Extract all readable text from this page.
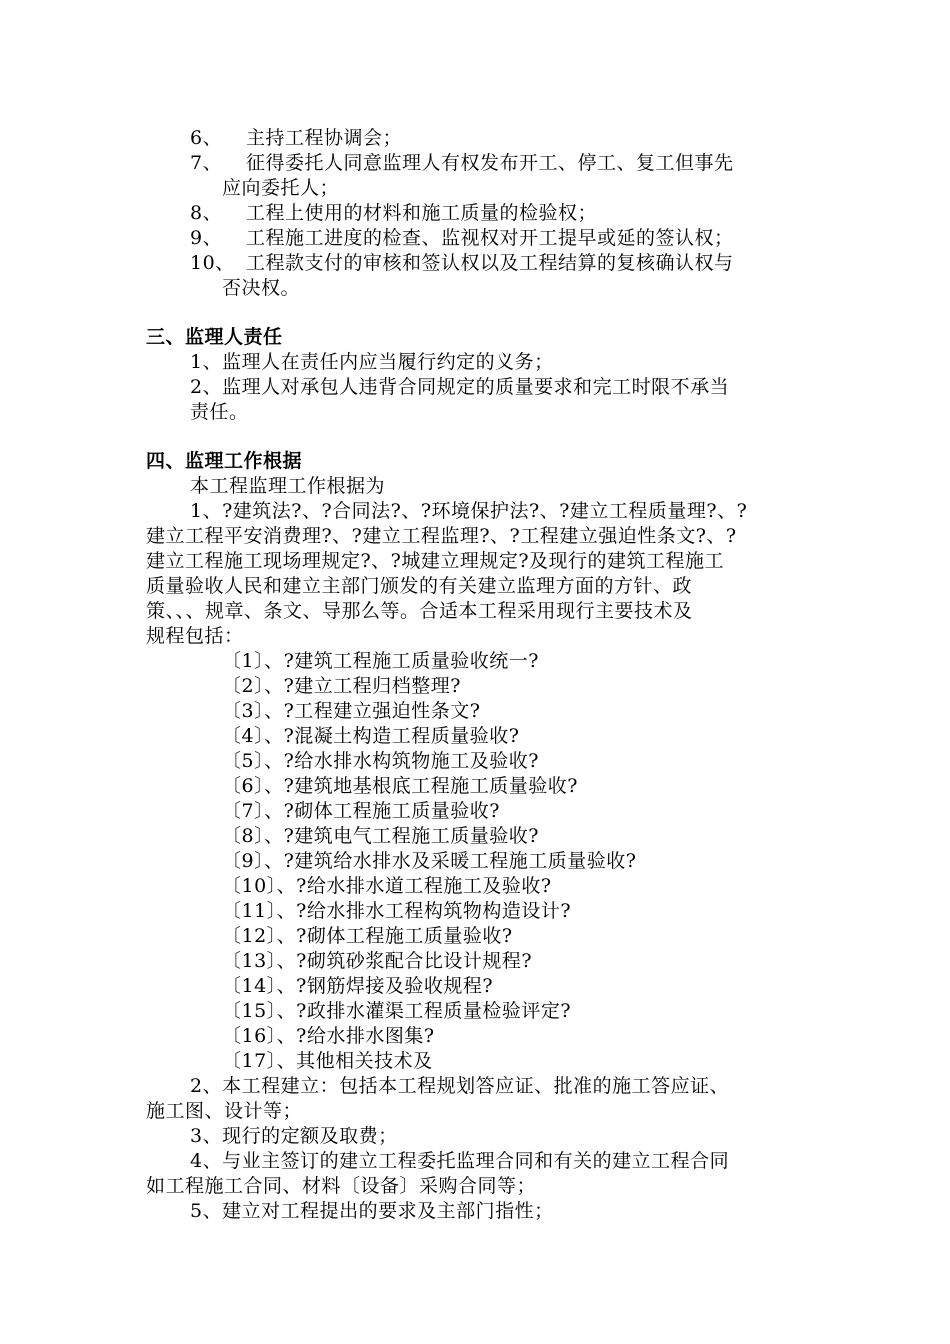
6、 主持工程协调会；
7、 征得委托人同意监理人有权发布开工、停工、复工但事先
应向委托人；
8、 工程上使用的材料和施工质量的检验权；
9、 工程施工进度的检查、监视权对开工提早或延的签认权；
10、 工程款支付的审核和签认权以及工程结算的复核确认权与
否决权。
三、监理人责任
1、监理人在责任内应当履行约定的义务；
2、监理人对承包人违背合同规定的质量要求和完工时限不承当
责任。
四、监理工作根据
本工程监理工作根据为
1、?建筑法?、?合同法?、?环境保护法?、?建立工程质量理?、?
建立工程平安消费理?、?建立工程监理?、?工程建立强迫性条文?、?
建立工程施工现场理规定?、?城建立理规定?及现行的建筑工程施工
质量验收人民和建立主部门颁发的有关建立监理方面的方针、政
策、、、规章、条文、导那么等。合适本工程采用现行主要技术及
规程包括：
〔1〕、?建筑工程施工质量验收统一?
〔2〕、?建立工程归档整理?
〔3〕、?工程建立强迫性条文?
〔4〕、?混凝土构造工程质量验收?
〔5〕、?给水排水构筑物施工及验收?
〔6〕、?建筑地基根底工程施工质量验收?
〔7〕、?砌体工程施工质量验收?
〔8〕、?建筑电气工程施工质量验收?
〔9〕、?建筑给水排水及采暖工程施工质量验收?
〔10〕、?给水排水道工程施工及验收?
〔11〕、?给水排水工程构筑物构造设计?
〔12〕、?砌体工程施工质量验收?
〔13〕、?砌筑砂浆配合比设计规程?
〔14〕、?钢筋焊接及验收规程?
〔15〕、?政排水灌渠工程质量检验评定?
〔16〕、?给水排水图集?
〔17〕、其他相关技术及
2、本工程建立：包括本工程规划答应证、批准的施工答应证、
施工图、设计等；
3、现行的定额及取费；
4、与业主签订的建立工程委托监理合同和有关的建立工程合同
如工程施工合同、材料〔设备〕采购合同等；
5、建立对工程提出的要求及主部门指性；
